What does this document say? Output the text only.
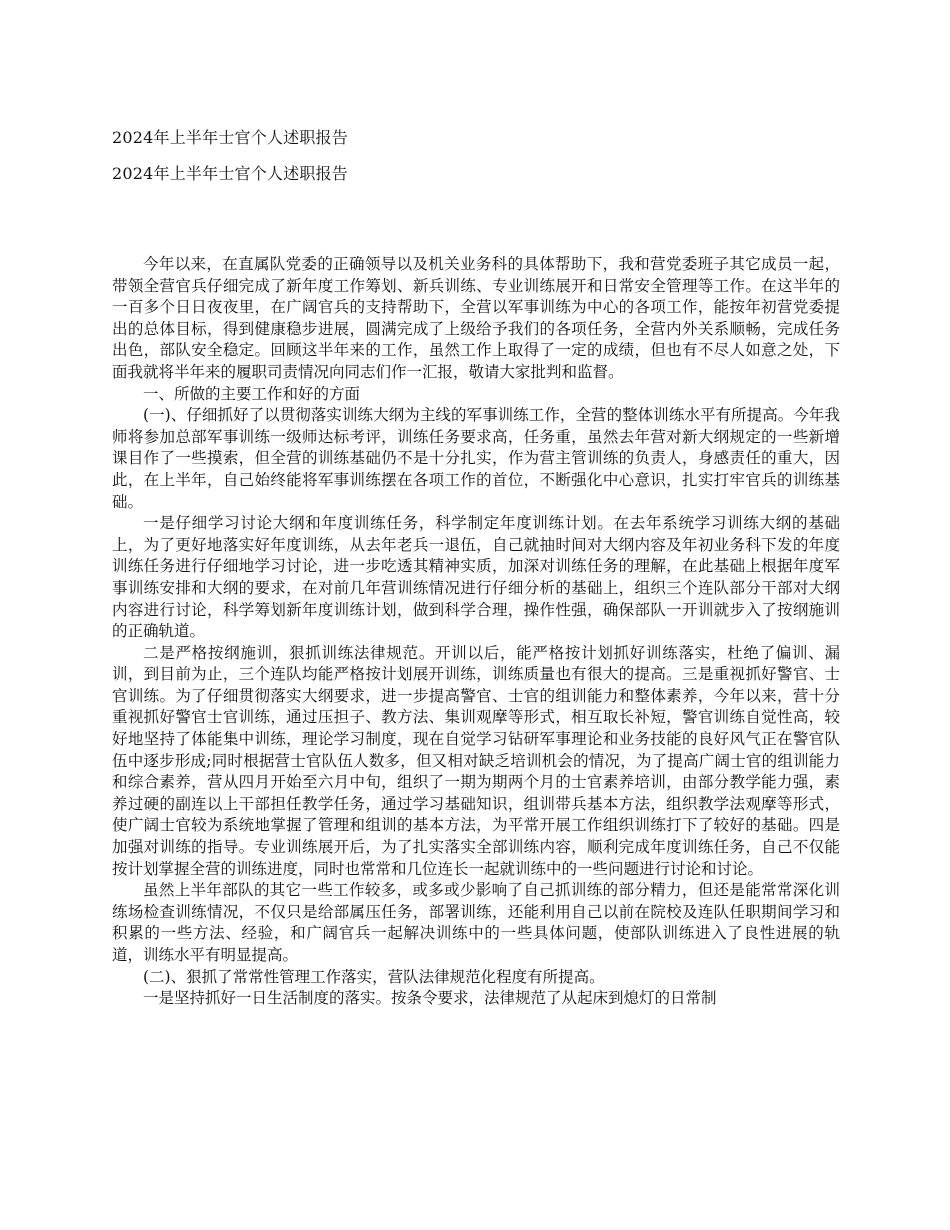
2024年上半年士官个人述职报告
2024年上半年士官个人述职报告

今年以来，在直属队党委的正确领导以及机关业务科的具体帮助下，我和营党委班子其它成员一起，带领全营官兵仔细完成了新年度工作筹划、新兵训练、专业训练展开和日常安全管理等工作。在这半年的一百多个日日夜夜里，在广阔官兵的支持帮助下，全营以军事训练为中心的各项工作，能按年初营党委提出的总体目标，得到健康稳步进展，圆满完成了上级给予我们的各项任务，全营内外关系顺畅，完成任务出色，部队安全稳定。回顾这半年来的工作，虽然工作上取得了一定的成绩，但也有不尽人如意之处，下面我就将半年来的履职司责情况向同志们作一汇报，敬请大家批判和监督。

一、所做的主要工作和好的方面

(一)、仔细抓好了以贯彻落实训练大纲为主线的军事训练工作，全营的整体训练水平有所提高。今年我师将参加总部军事训练一级师达标考评，训练任务要求高，任务重，虽然去年营对新大纲规定的一些新增课目作了一些摸索，但全营的训练基础仍不是十分扎实，作为营主管训练的负责人，身感责任的重大，因此，在上半年，自己始终能将军事训练摆在各项工作的首位，不断强化中心意识，扎实打牢官兵的训练基础。

一是仔细学习讨论大纲和年度训练任务，科学制定年度训练计划。在去年系统学习训练大纲的基础上，为了更好地落实好年度训练，从去年老兵一退伍，自己就抽时间对大纲内容及年初业务科下发的年度训练任务进行仔细地学习讨论，进一步吃透其精神实质，加深对训练任务的理解，在此基础上根据年度军事训练安排和大纲的要求，在对前几年营训练情况进行仔细分析的基础上，组织三个连队部分干部对大纲内容进行讨论，科学筹划新年度训练计划，做到科学合理，操作性强，确保部队一开训就步入了按纲施训的正确轨道。

二是严格按纲施训，狠抓训练法律规范。开训以后，能严格按计划抓好训练落实，杜绝了偏训、漏训，到目前为止，三个连队均能严格按计划展开训练，训练质量也有很大的提高。三是重视抓好警官、士官训练。为了仔细贯彻落实大纲要求，进一步提高警官、士官的组训能力和整体素养，今年以来，营十分重视抓好警官士官训练，通过压担子、教方法、集训观摩等形式，相互取长补短，警官训练自觉性高，较好地坚持了体能集中训练，理论学习制度，现在自觉学习钻研军事理论和业务技能的良好风气正在警官队伍中逐步形成;同时根据营士官队伍人数多，但又相对缺乏培训机会的情况，为了提高广阔士官的组训能力和综合素养，营从四月开始至六月中旬，组织了一期为期两个月的士官素养培训，由部分教学能力强，素养过硬的副连以上干部担任教学任务，通过学习基础知识，组训带兵基本方法，组织教学法观摩等形式，使广阔士官较为系统地掌握了管理和组训的基本方法，为平常开展工作组织训练打下了较好的基础。四是加强对训练的指导。专业训练展开后，为了扎实落实全部训练内容，顺利完成年度训练任务，自己不仅能按计划掌握全营的训练进度，同时也常常和几位连长一起就训练中的一些问题进行讨论和讨论。

虽然上半年部队的其它一些工作较多，或多或少影响了自己抓训练的部分精力，但还是能常常深化训练场检查训练情况，不仅只是给部属压任务，部署训练，还能利用自己以前在院校及连队任职期间学习和积累的一些方法、经验，和广阔官兵一起解决训练中的一些具体问题，使部队训练进入了良性进展的轨道，训练水平有明显提高。

(二)、狠抓了常常性管理工作落实，营队法律规范化程度有所提高。

一是坚持抓好一日生活制度的落实。按条令要求，法律规范了从起床到熄灯的日常制
